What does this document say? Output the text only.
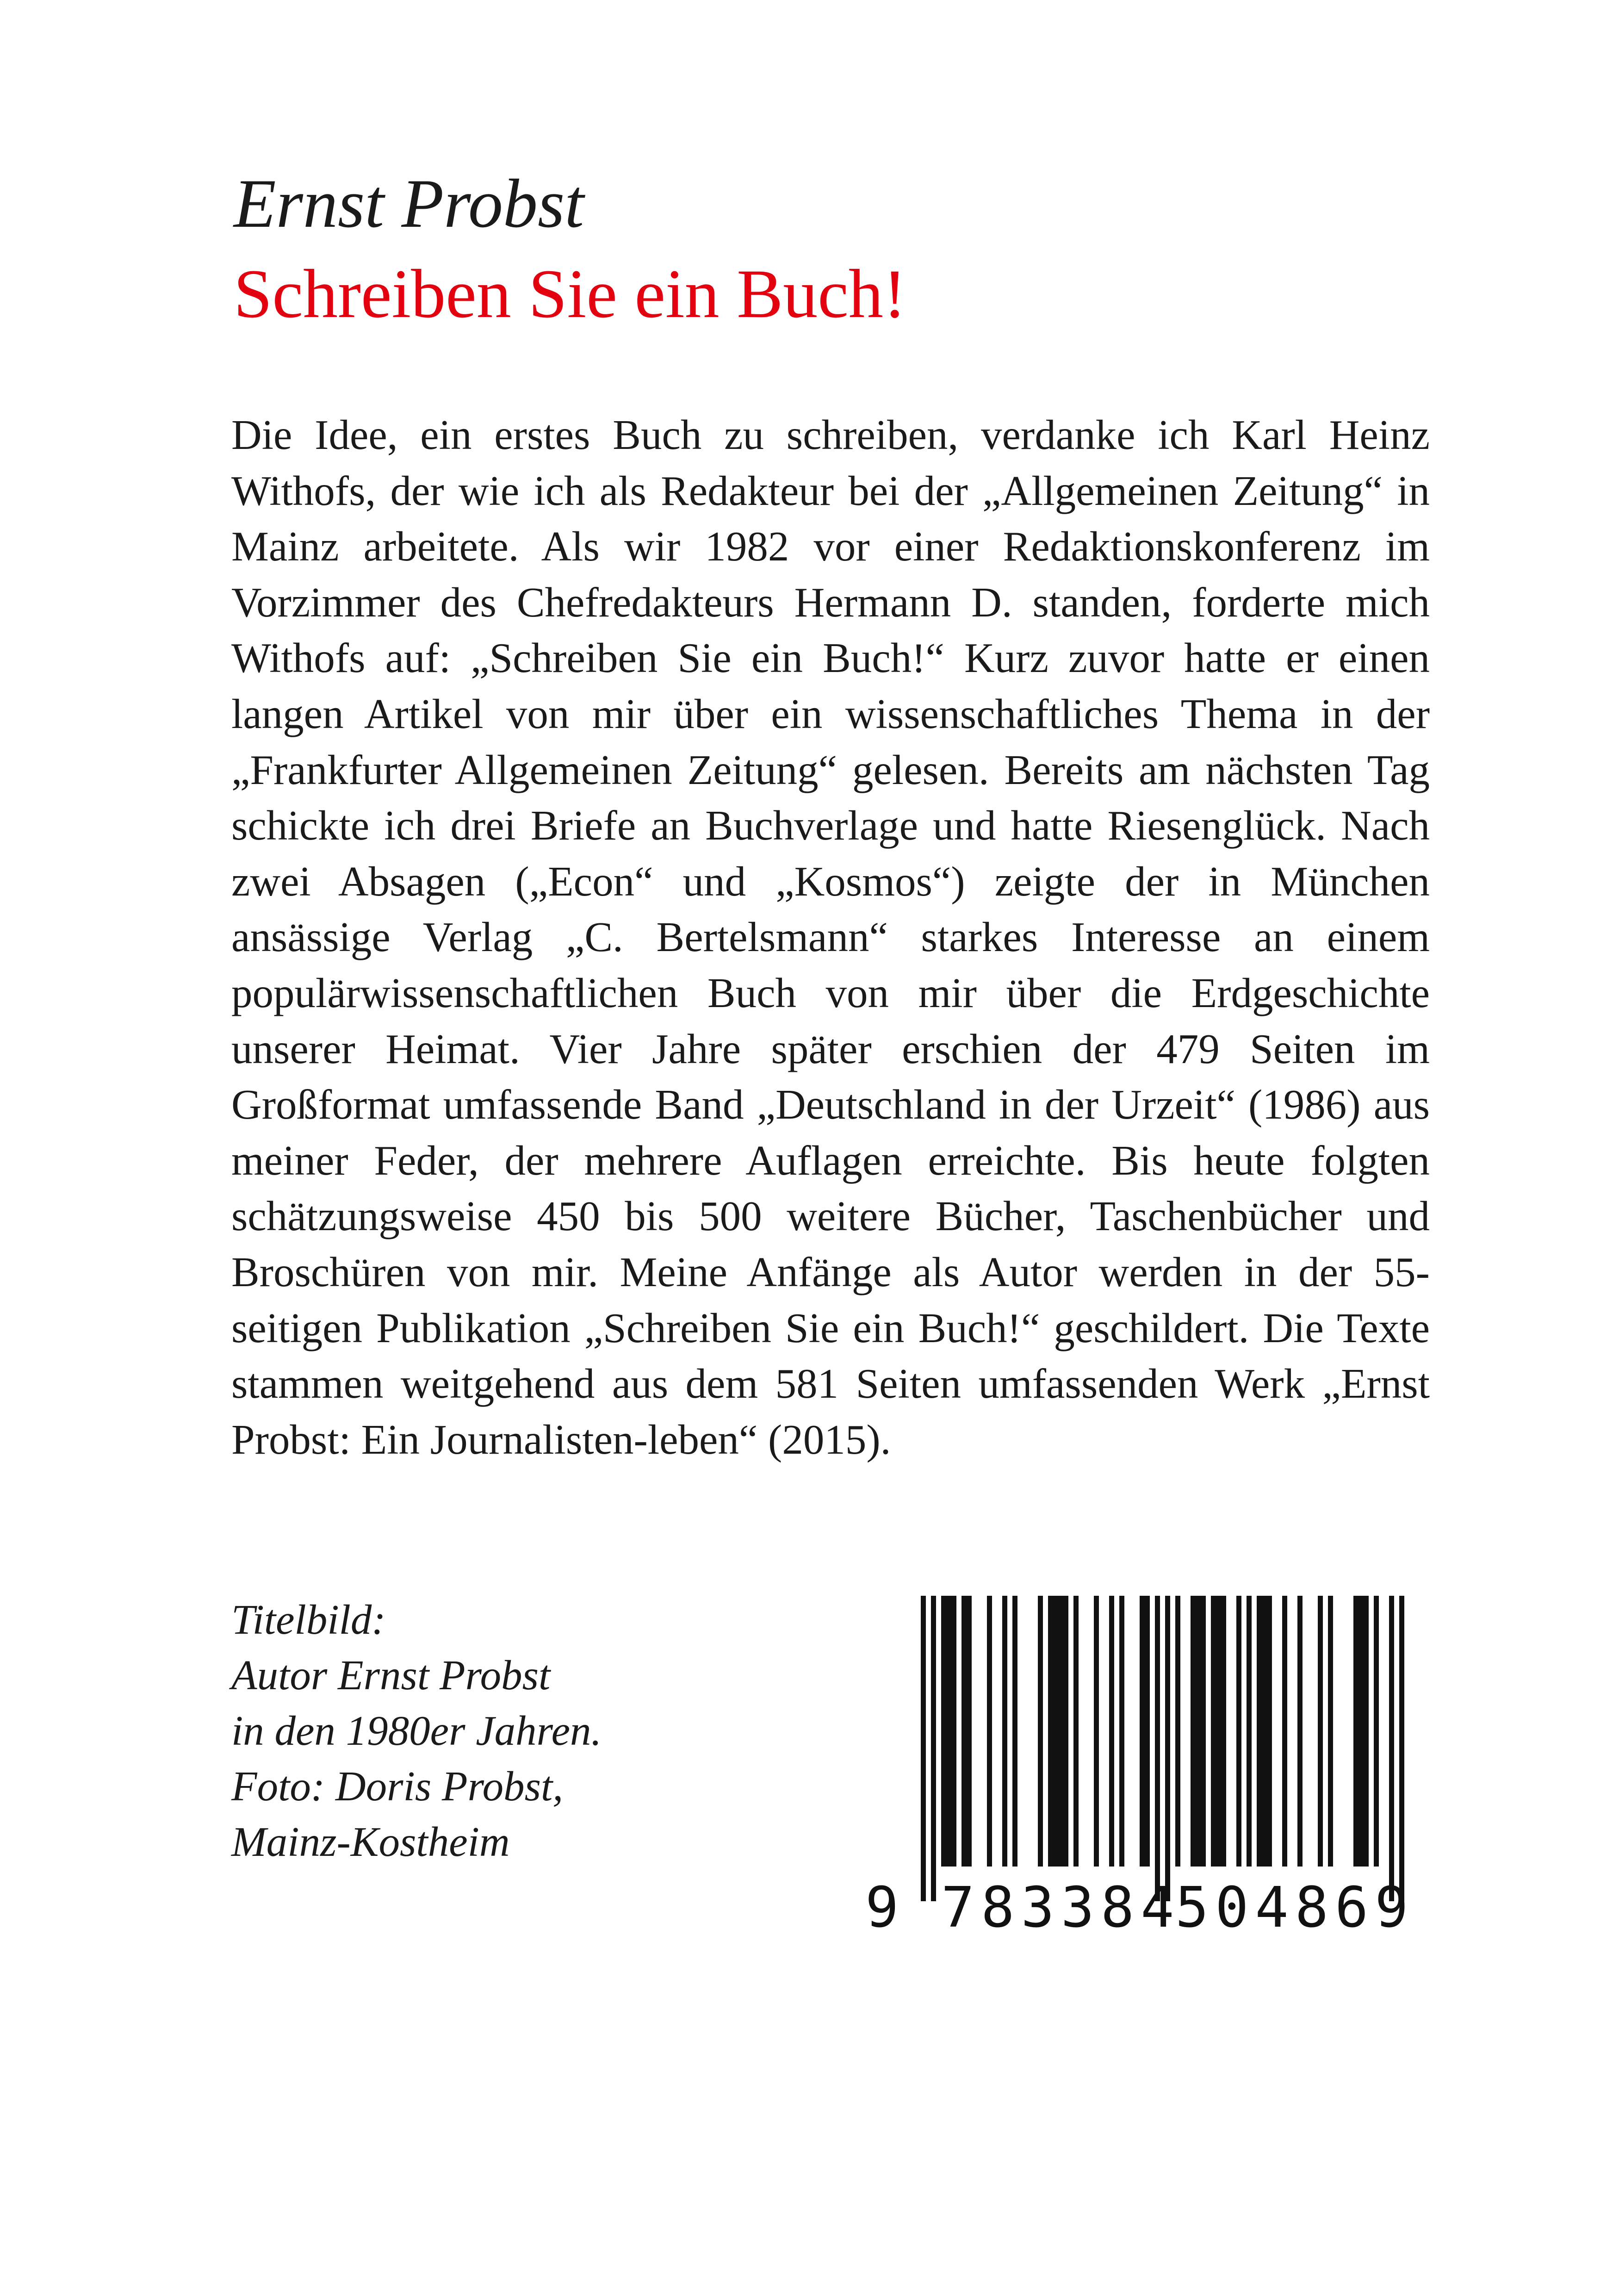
Ernst Probst
Schreiben Sie ein Buch!

Die Idee, ein erstes Buch zu schreiben, verdanke ich Karl Heinz Withofs, der wie ich als Redakteur bei der „Allgemeinen Zeitung“ in Mainz arbeitete. Als wir 1982 vor einer Redaktionskonferenz im Vorzimmer des Chefredakteurs Hermann D. standen, forderte mich Withofs auf: „Schreiben Sie ein Buch!“ Kurz zuvor hatte er einen langen Artikel von mir über ein wissenschaftliches Thema in der „Frankfurter Allgemeinen Zeitung“ gelesen. Bereits am nächsten Tag schickte ich drei Briefe an Buchverlage und hatte Riesenglück. Nach zwei Absagen („Econ“ und „Kosmos“) zeigte der in München ansässige Verlag „C. Bertelsmann“ starkes Interesse an einem populärwissenschaftlichen Buch von mir über die Erdgeschichte unserer Heimat. Vier Jahre später erschien der 479 Seiten im Großformat umfassende Band „Deutschland in der Urzeit“ (1986) aus meiner Feder, der mehrere Auflagen erreichte. Bis heute folgten schätzungsweise 450 bis 500 weitere Bücher, Taschenbücher und Broschüren von mir. Meine Anfänge als Autor werden in der 55-seitigen Publikation „Schreiben Sie ein Buch!“ geschildert. Die Texte stammen weitgehend aus dem 581 Seiten umfassenden Werk „Ernst Probst: Ein Journalisten-leben“ (2015).

Titelbild:
Autor Ernst Probst
in den 1980er Jahren.
Foto: Doris Probst,
Mainz-Kostheim
9 783384
504869
